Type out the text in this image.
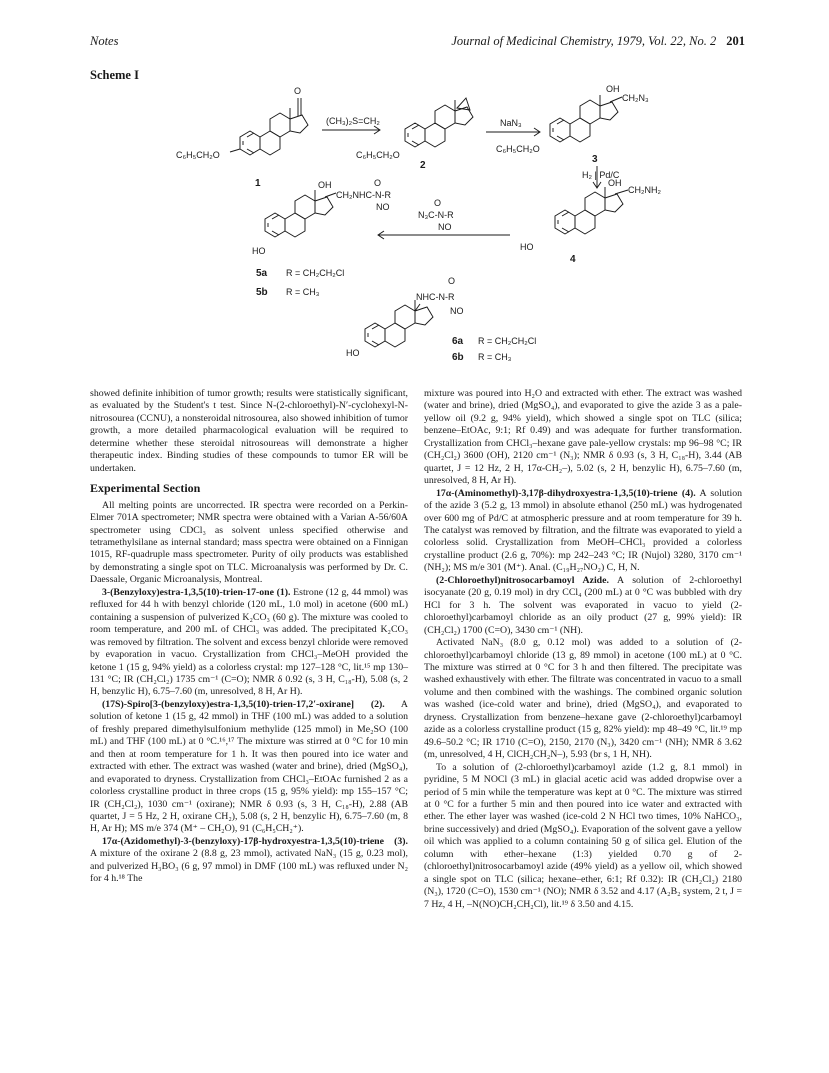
Notes	Journal of Medicinal Chemistry, 1979, Vol. 22, No. 2 201
Scheme I
O
C₆H₅CH₂O
1
(CH₃)₂S=CH₂
C₆H₅CH₂O
2
NaN₃
OH
CH₂N₃
C₆H₅CH₂O
3
H₂ | Pd/C
OH
CH₂NH₂
HO
4
O
N₃C-N-R
NO
OH	O
CH₂NHC-N-R
NO
HO
5a R = CH₂CH₂Cl
5b R = CH₃
O
NHC-N-R
NO
HO
6a R = CH₂CH₂Cl
6b R = CH₃

showed definite inhibition of tumor growth; results were statistically significant, as evaluated by the Student's t test. Since N-(2-chloroethyl)-N′-cyclohexyl-N-nitrosourea (CCNU), a nonsteroidal nitrosourea, also showed inhibition of tumor growth, a more detailed pharmacological evaluation will be required to determine whether these steroidal nitrosoureas will demonstrate a higher therapeutic index. Binding studies of these compounds to tumor ER will be undertaken.

Experimental Section

All melting points are uncorrected. IR spectra were recorded on a Perkin-Elmer 701A spectrometer; NMR spectra were obtained with a Varian A-56/60A spectrometer using CDCl₃ as solvent unless specified otherwise and tetramethylsilane as internal standard; mass spectra were obtained on a Finnigan 1015, RF-quadruple mass spectrometer. Purity of oily products was established by demonstrating a single spot on TLC. Microanalysis was performed by Dr. C. Daessale, Organic Microanalysis, Montreal.

3-(Benzyloxy)estra-1,3,5(10)-trien-17-one (1). Estrone (12 g, 44 mmol) was refluxed for 44 h with benzyl chloride (120 mL, 1.0 mol) in acetone (600 mL) containing a suspension of pulverized K₂CO₃ (60 g). The mixture was cooled to room temperature, and 200 mL of CHCl₃ was added. The precipitated K₂CO₃ was removed by filtration. The solvent and excess benzyl chloride were removed by evaporation in vacuo. Crystallization from CHCl₃–MeOH provided the ketone 1 (15 g, 94% yield) as a colorless crystal: mp 127–128 °C, lit.¹⁵ mp 130–131 °C; IR (CH₂Cl₂) 1735 cm⁻¹ (C=O); NMR δ 0.92 (s, 3 H, C₁₈-H), 5.08 (s, 2 H, benzylic H), 6.75–7.60 (m, unresolved, 8 H, Ar H).

(17S)-Spiro[3-(benzyloxy)estra-1,3,5(10)-trien-17,2′-oxirane] (2). A solution of ketone 1 (15 g, 42 mmol) in THF (100 mL) was added to a solution of freshly prepared dimethylsulfonium methylide (125 mmol) in Me₂SO (100 mL) and THF (100 mL) at 0 °C.¹⁶,¹⁷ The mixture was stirred at 0 °C for 10 min and then at room temperature for 1 h. It was then poured into ice water and extracted with ether. The extract was washed (water and brine), dried (MgSO₄), and evaporated to dryness. Crystallization from CHCl₃–EtOAc furnished 2 as a colorless crystalline product in three crops (15 g, 95% yield): mp 155–157 °C; IR (CH₂Cl₂), 1030 cm⁻¹ (oxirane); NMR δ 0.93 (s, 3 H, C₁₈-H), 2.88 (AB quartet, J = 5 Hz, 2 H, oxirane CH₂), 5.08 (s, 2 H, benzylic H), 6.75–7.60 (m, 8 H, Ar H); MS m/e 374 (M⁺ – CH₂O), 91 (C₆H₅CH₂⁺).

17α-(Azidomethyl)-3-(benzyloxy)-17β-hydroxyestra-1,3,5(10)-triene (3). A mixture of the oxirane 2 (8.8 g, 23 mmol), activated NaN₃ (15 g, 0.23 mol), and pulverized H₃BO₃ (6 g, 97 mmol) in DMF (100 mL) was refluxed under N₂ for 4 h.¹⁸ The

mixture was poured into H₂O and extracted with ether. The extract was washed (water and brine), dried (MgSO₄), and evaporated to give the azide 3 as a pale-yellow oil (9.2 g, 94% yield), which showed a single spot on TLC (silica; benzene–EtOAc, 9:1; Rf 0.49) and was adequate for further transformation. Crystallization from CHCl₃–hexane gave pale-yellow crystals: mp 96–98 °C; IR (CH₂Cl₂) 3600 (OH), 2120 cm⁻¹ (N₃); NMR δ 0.93 (s, 3 H, C₁₈-H), 3.44 (AB quartet, J = 12 Hz, 2 H, 17α-CH₂–), 5.02 (s, 2 H, benzylic H), 6.75–7.60 (m, unresolved, 8 H, Ar H).

17α-(Aminomethyl)-3,17β-dihydroxyestra-1,3,5(10)-triene (4). A solution of the azide 3 (5.2 g, 13 mmol) in absolute ethanol (250 mL) was hydrogenated over 600 mg of Pd/C at atmospheric pressure and at room temperature for 39 h. The catalyst was removed by filtration, and the filtrate was evaporated to yield a colorless solid. Crystallization from MeOH–CHCl₃ provided a colorless crystalline product (2.6 g, 70%): mp 242–243 °C; IR (Nujol) 3280, 3170 cm⁻¹ (NH₂); MS m/e 301 (M⁺). Anal. (C₁₉H₂₇NO₂) C, H, N.

(2-Chloroethyl)nitrosocarbamoyl Azide. A solution of 2-chloroethyl isocyanate (20 g, 0.19 mol) in dry CCl₄ (200 mL) at 0 °C was bubbled with dry HCl for 3 h. The solvent was evaporated in vacuo to yield (2-chloroethyl)carbamoyl chloride as an oily product (27 g, 99% yield): IR (CH₂Cl₂) 1700 (C=O), 3430 cm⁻¹ (NH).

Activated NaN₃ (8.0 g, 0.12 mol) was added to a solution of (2-chloroethyl)carbamoyl chloride (13 g, 89 mmol) in acetone (100 mL) at 0 °C. The mixture was stirred at 0 °C for 3 h and then filtered. The precipitate was washed exhaustively with ether. The filtrate was concentrated in vacuo to a small volume and then combined with the washings. The combined organic solution was washed (ice-cold water and brine), dried (MgSO₄), and evaporated to dryness. Crystallization from benzene–hexane gave (2-chloroethyl)carbamoyl azide as a colorless crystalline product (15 g, 82% yield): mp 48–49 °C, lit.¹⁹ mp 49.6–50.2 °C; IR 1710 (C=O), 2150, 2170 (N₃), 3420 cm⁻¹ (NH); NMR δ 3.62 (m, unresolved, 4 H, ClCH₂CH₂N–), 5.93 (br s, 1 H, NH).

To a solution of (2-chloroethyl)carbamoyl azide (1.2 g, 8.1 mmol) in pyridine, 5 M NOCl (3 mL) in glacial acetic acid was added dropwise over a period of 5 min while the temperature was kept at 0 °C. The mixture was stirred at 0 °C for a further 5 min and then poured into ice water and extracted with ether. The ether layer was washed (ice-cold 2 N HCl two times, 10% NaHCO₃, brine successively) and dried (MgSO₄). Evaporation of the solvent gave a yellow oil which was applied to a column containing 50 g of silica gel. Elution of the column with ether–hexane (1:3) yielded 0.70 g of 2-(chloroethyl)nitrosocarbamoyl azide (49% yield) as a yellow oil, which showed a single spot on TLC (silica; hexane–ether, 6:1; Rf 0.32): IR (CH₂Cl₂) 2180 (N₃), 1720 (C=O), 1530 cm⁻¹ (NO); NMR δ 3.52 and 4.17 (A₂B₂ system, 2 t, J = 7 Hz, 4 H, –N(NO)CH₂CH₂Cl), lit.¹⁹ δ 3.50 and 4.15.
